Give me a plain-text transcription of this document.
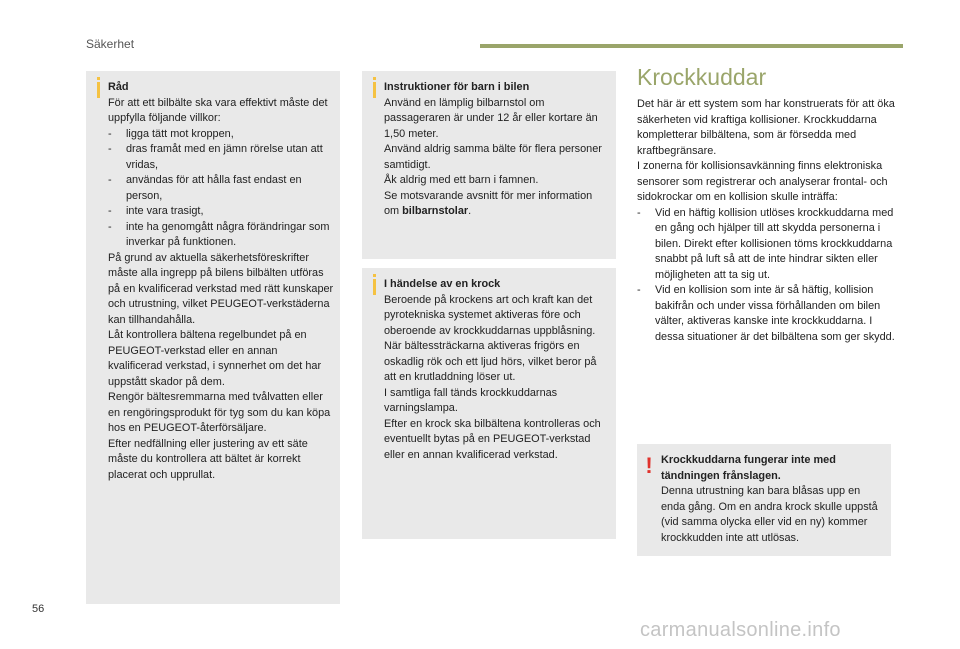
Säkerhet

Råd

För att ett bilbälte ska vara effektivt måste det uppfylla följande villkor:

-	ligga tätt mot kroppen,
-	dras framåt med en jämn rörelse utan att vridas,
-	användas för att hålla fast endast en person,
-	inte vara trasigt,
-	inte ha genomgått några förändringar som inverkar på funktionen.

På grund av aktuella säkerhetsföreskrifter måste alla ingrepp på bilens bilbälten utföras på en kvalificerad verkstad med rätt kunskaper och utrustning, vilket PEUGEOT-verkstäderna kan tillhandahålla.

Låt kontrollera bältena regelbundet på en PEUGEOT-verkstad eller en annan kvalificerad verkstad, i synnerhet om det har uppstått skador på dem.

Rengör bältesremmarna med tvålvatten eller en rengöringsprodukt för tyg som du kan köpa hos en PEUGEOT-återförsäljare.

Efter nedfällning eller justering av ett säte måste du kontrollera att bältet är korrekt placerat och upprullat.

Instruktioner för barn i bilen

Använd en lämplig bilbarnstol om passageraren är under 12 år eller kortare än 1,50 meter.

Använd aldrig samma bälte för flera personer samtidigt.

Åk aldrig med ett barn i famnen.

Se motsvarande avsnitt för mer information om bilbarnstolar.

I händelse av en krock

Beroende på krockens art och kraft kan det pyrotekniska systemet aktiveras före och oberoende av krockkuddarnas uppblåsning. När bältessträckarna aktiveras frigörs en oskadlig rök och ett ljud hörs, vilket beror på att en krutladdning löser ut.

I samtliga fall tänds krockkuddarnas varningslampa.

Efter en krock ska bilbältena kontrolleras och eventuellt bytas på en PEUGEOT-verkstad eller en annan kvalificerad verkstad.

Krockkuddar

Det här är ett system som har konstruerats för att öka säkerheten vid kraftiga kollisioner. Krockkuddarna kompletterar bilbältena, som är försedda med kraftbegränsare.

I zonerna för kollisionsavkänning finns elektroniska sensorer som registrerar och analyserar frontal- och sidokrockar om en kollision skulle inträffa:

-	Vid en häftig kollision utlöses krockkuddarna med en gång och hjälper till att skydda personerna i bilen. Direkt efter kollisionen töms krockkuddarna snabbt på luft så att de inte hindrar sikten eller möjligheten att ta sig ut.
-	Vid en kollision som inte är så häftig, kollision bakifrån och under vissa förhållanden om bilen välter, aktiveras kanske inte krockkuddarna. I dessa situationer är det bilbältena som ger skydd.
! Krockkuddarna fungerar inte med tändningen frånslagen.

Denna utrustning kan bara blåsas upp en enda gång. Om en andra krock skulle uppstå (vid samma olycka eller vid en ny) kommer krockkudden inte att utlösas.

56
carmanualsonline.info
